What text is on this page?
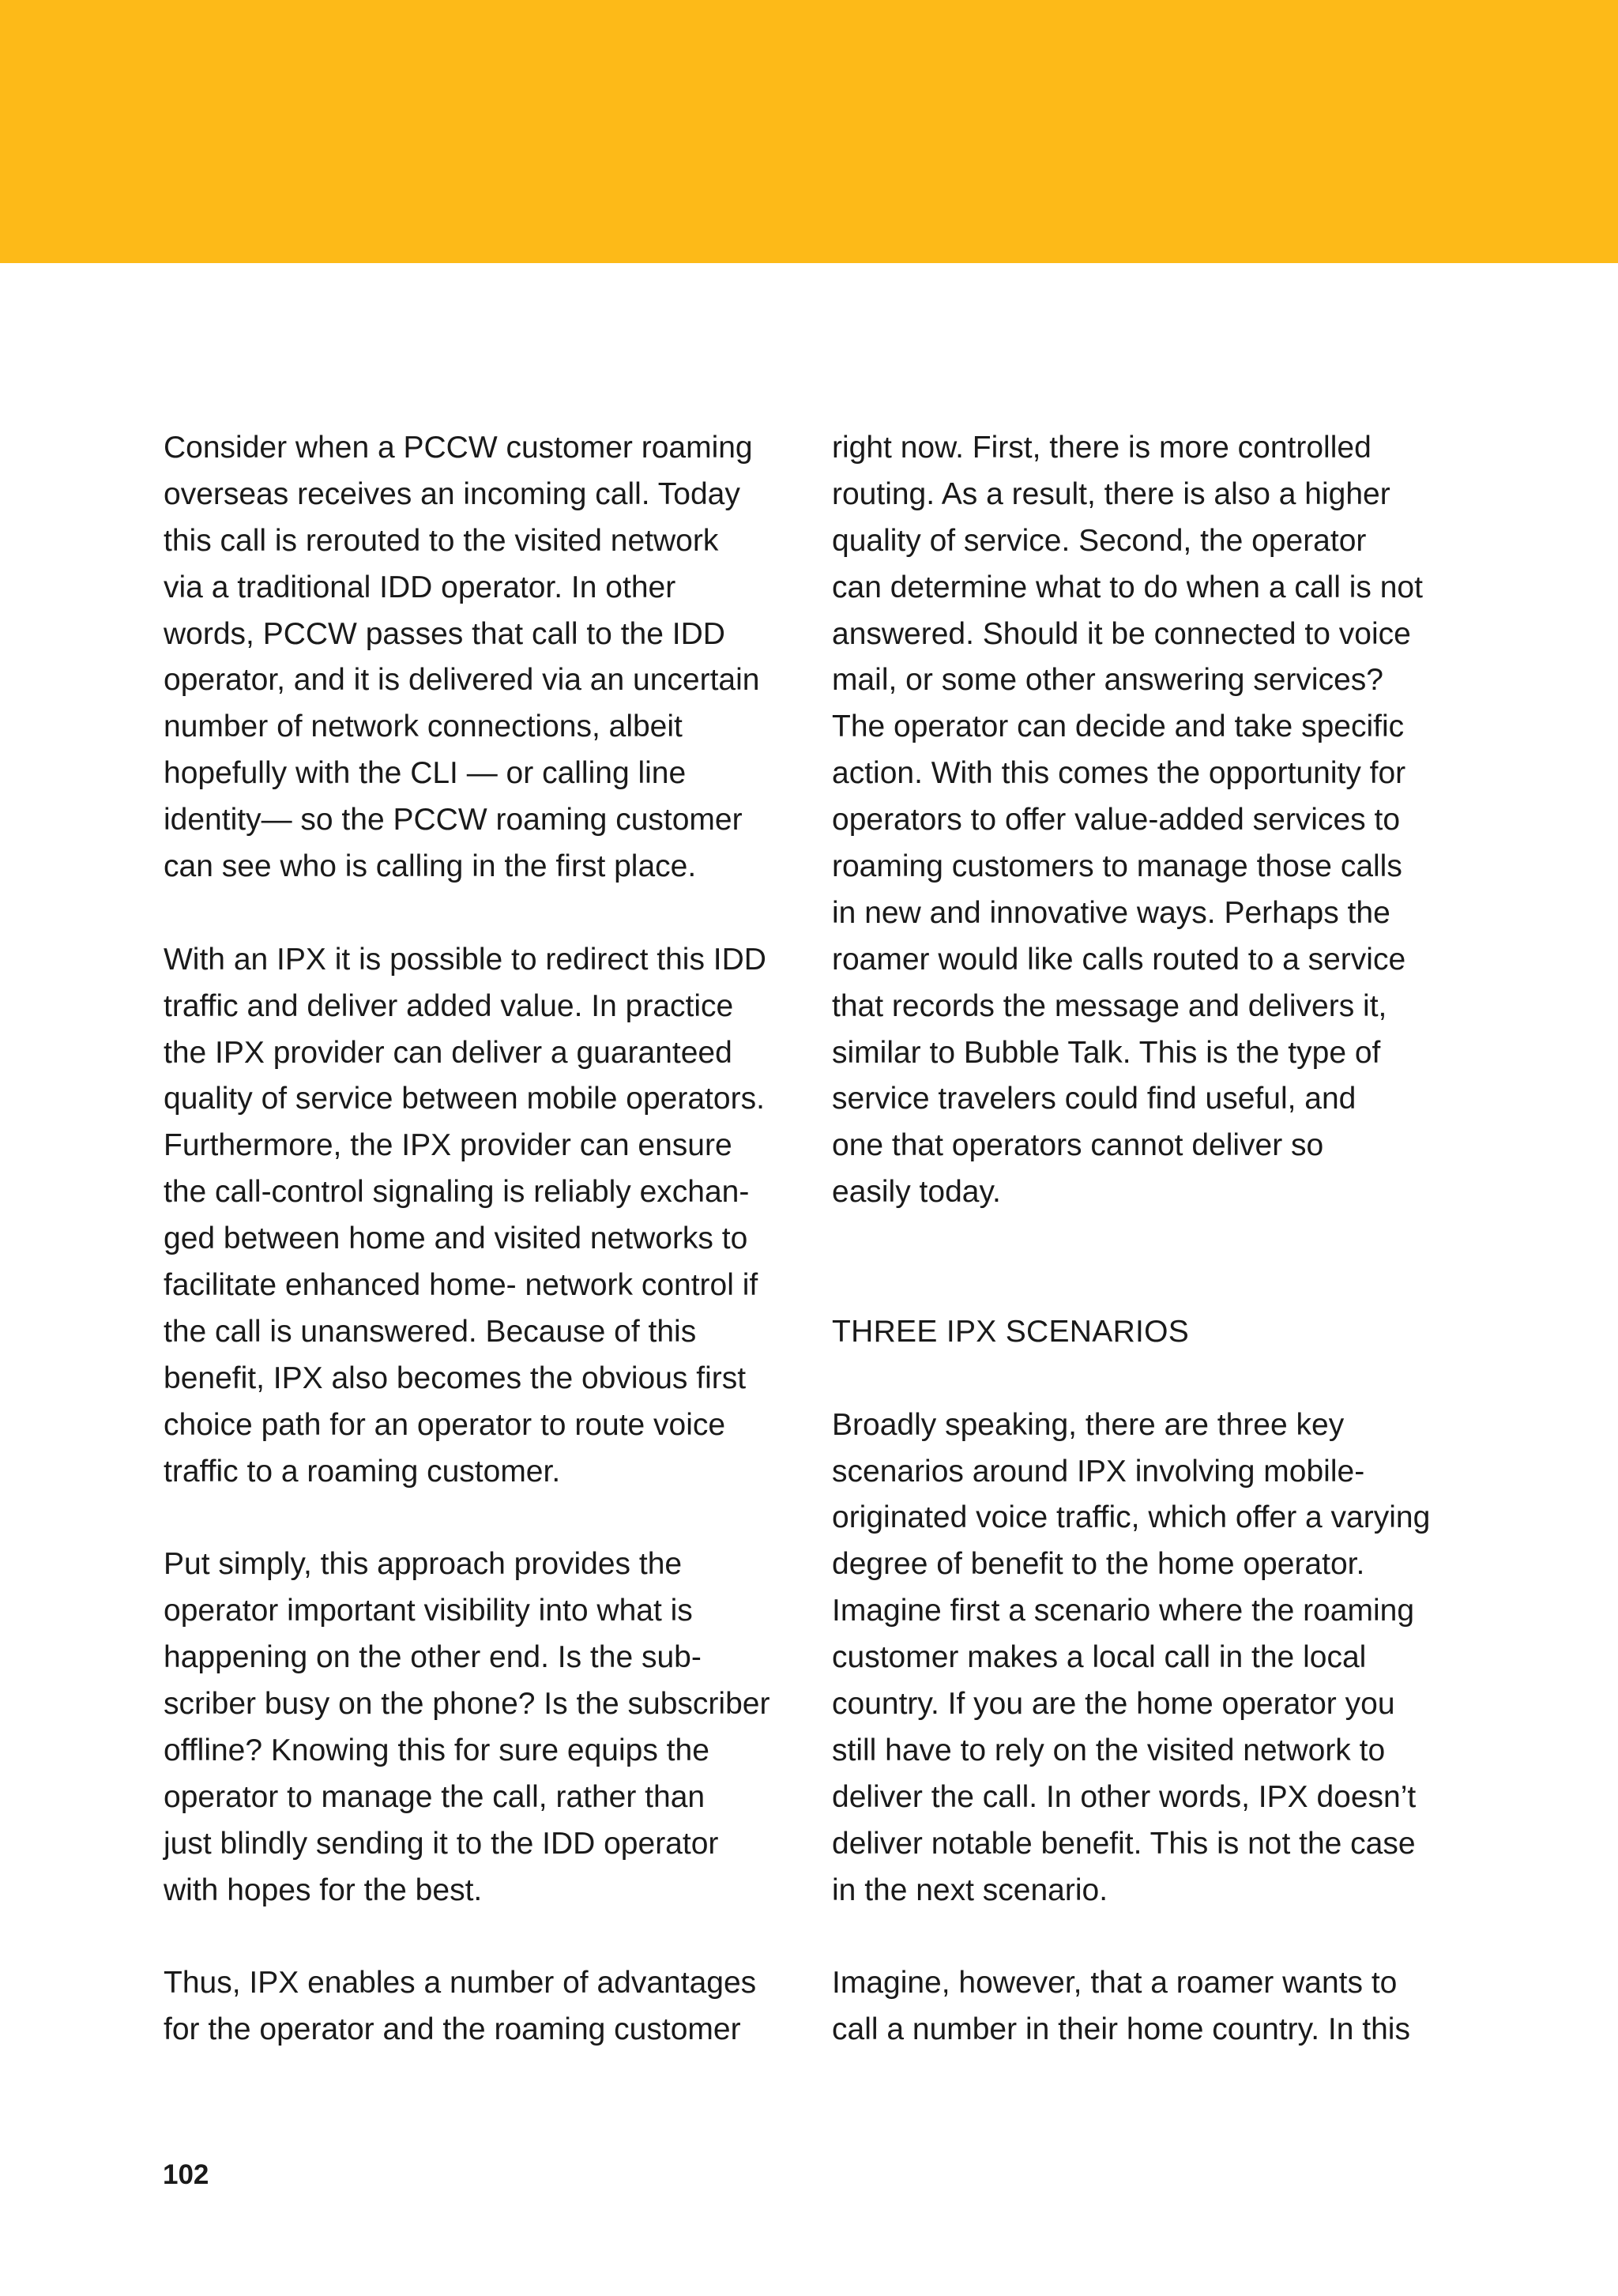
Consider when a PCCW customer roaming
overseas receives an incoming call. Today
this call is rerouted to the visited network
via a traditional IDD operator. In other
words, PCCW passes that call to the IDD
operator, and it is delivered via an uncertain
number of network connections, albeit
hopefully with the CLI — or calling line
identity— so the PCCW roaming customer
can see who is calling in the first place.
With an IPX it is possible to redirect this IDD
traffic and deliver added value. In practice
the IPX provider can deliver a guaranteed
quality of service between mobile operators.
Furthermore, the IPX provider can ensure
the call-control signaling is reliably exchan-
ged between home and visited networks to
facilitate enhanced home- network control if
the call is unanswered. Because of this
benefit, IPX also becomes the obvious first
choice path for an operator to route voice
traffic to a roaming customer.
Put simply, this approach provides the
operator important visibility into what is
happening on the other end. Is the sub-
scriber busy on the phone? Is the subscriber
offline? Knowing this for sure equips the
operator to manage the call, rather than
just blindly sending it to the IDD operator
with hopes for the best.
Thus, IPX enables a number of advantages
for the operator and the roaming customer
right now. First, there is more controlled
routing. As a result, there is also a higher
quality of service. Second, the operator
can determine what to do when a call is not
answered. Should it be connected to voice
mail, or some other answering services?
The operator can decide and take specific
action. With this comes the opportunity for
operators to offer value-added services to
roaming customers to manage those calls
in new and innovative ways. Perhaps the
roamer would like calls routed to a service
that records the message and delivers it,
similar to Bubble Talk. This is the type of
service travelers could find useful, and
one that operators cannot deliver so
easily today.
THREE IPX SCENARIOS
Broadly speaking, there are three key
scenarios around IPX involving mobile-
originated voice traffic, which offer a varying
degree of benefit to the home operator.
Imagine first a scenario where the roaming
customer makes a local call in the local
country. If you are the home operator you
still have to rely on the visited network to
deliver the call. In other words, IPX doesn’t
deliver notable benefit. This is not the case
in the next scenario.
Imagine, however, that a roamer wants to
call a number in their home country. In this
102
